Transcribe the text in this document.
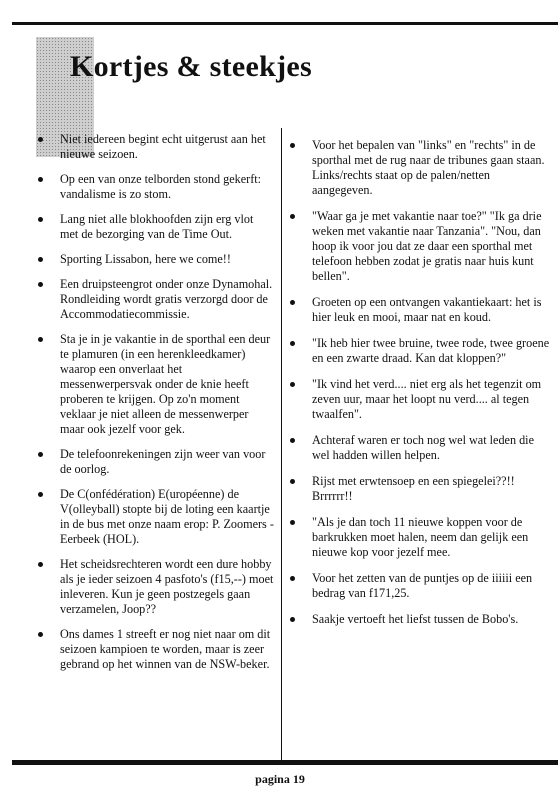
Kortjes & steekjes
Niet iedereen begint echt uitgerust aan het nieuwe seizoen.
Op een van onze telborden stond gekerft: vandalisme is zo stom.
Lang niet alle blokhoofden zijn erg vlot met de bezorging van de Time Out.
Sporting Lissabon, here we come!!
Een druipsteengrot onder onze Dynamohal. Rondleiding wordt gratis verzorgd door de Accommodatiecommissie.
Sta je in je vakantie in de sporthal een deur te plamuren (in een herenkleedkamer) waarop een onverlaat het messenwerpersvak onder de knie heeft proberen te krijgen. Op zo'n moment veklaar je niet alleen de messenwerper maar ook jezelf voor gek.
De telefoonrekeningen zijn weer van voor de oorlog.
De C(onfédération) E(uropéenne) de V(olleyball) stopte bij de loting een kaartje in de bus met onze naam erop: P. Zoomers - Eerbeek (HOL).
Het scheidsrechteren wordt een dure hobby als je ieder seizoen 4 pasfoto's (f15,--) moet inleveren. Kun je geen postzegels gaan verzamelen, Joop??
Ons dames 1 streeft er nog niet naar om dit seizoen kampioen te worden, maar is zeer gebrand op het winnen van de NSW-beker.
Voor het bepalen van "links" en "rechts" in de sporthal met de rug naar de tribunes gaan staan. Links/rechts staat op de palen/netten aangegeven.
"Waar ga je met vakantie naar toe?" "Ik ga drie weken met vakantie naar Tanzania". "Nou, dan hoop ik voor jou dat ze daar een sporthal met telefoon hebben zodat je gratis naar huis kunt bellen".
Groeten op een ontvangen vakantiekaart: het is hier leuk en mooi, maar nat en koud.
"Ik heb hier twee bruine, twee rode, twee groene en een zwarte draad. Kan dat kloppen?"
"Ik vind het verd.... niet erg als het tegenzit om zeven uur, maar het loopt nu verd.... al tegen twaalfen".
Achteraf waren er toch nog wel wat leden die wel hadden willen helpen.
Rijst met erwtensoep en een spiegelei??!! Brrrrrr!!
"Als je dan toch 11 nieuwe koppen voor de barkrukken moet halen, neem dan gelijk een nieuwe kop voor jezelf mee.
Voor het zetten van de puntjes op de iiiiii een bedrag van f171,25.
Saakje vertoeft het liefst tussen de Bobo's.
pagina 19
